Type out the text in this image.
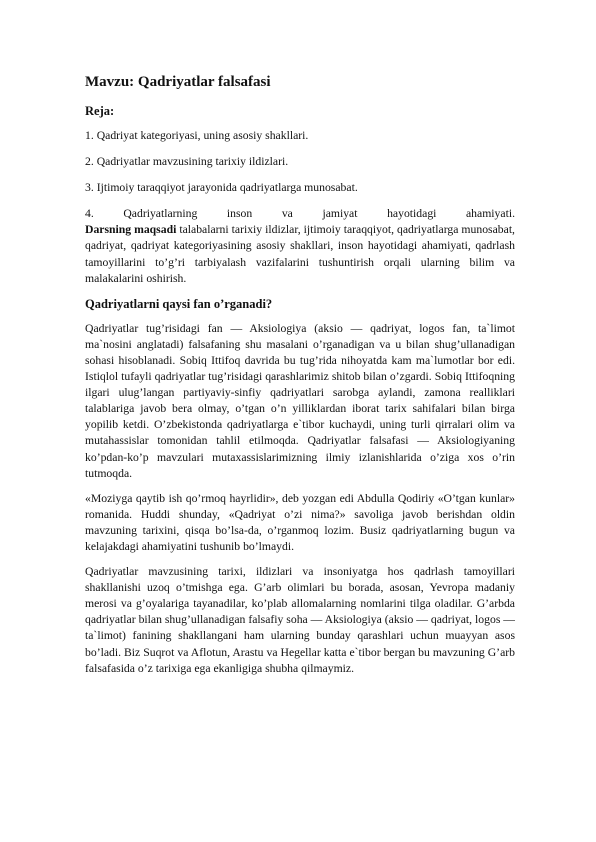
Mavzu: Qadriyatlar falsafasi
Reja:
1. Qadriyat kategoriyasi, uning asosiy shakllari.
2. Qadriyatlar mavzusining tarixiy ildizlari.
3. Ijtimoiy taraqqiyot jarayonida qadriyatlarga munosabat.
4. Qadriyatlarning inson va jamiyat hayotidagi ahamiyati.
Darsning maqsadi talabalarni tarixiy ildizlar, ijtimoiy taraqqiyot, qadriyatlarga munosabat, qadriyat, qadriyat kategoriyasining asosiy shakllari, inson hayotidagi ahamiyati, qadrlash tamoyillarini to’g’ri tarbiyalash vazifalarini tushuntirish orqali ularning bilim va malakalarini oshirish.
Qadriyatlarni qaysi fan o’rganadi?
Qadriyatlar tug’risidagi fan — Aksiologiya (aksio — qadriyat, logos fan, ta`limot ma`nosini anglatadi) falsafaning shu masalani o’rganadigan va u bilan shug’ullanadigan sohasi hisoblanadi. Sobiq Ittifoq davrida bu tug’rida nihoyatda kam ma`lumotlar bor edi. Istiqlol tufayli qadriyatlar tug’risidagi qarashlarimiz shitob bilan o’zgardi. Sobiq Ittifoqning ilgari ulug’langan partiyaviy-sinfiy qadriyatlari sarobga aylandi, zamona realliklari talablariga javob bera olmay, o’tgan o’n yilliklardan iborat tarix sahifalari bilan birga yopilib ketdi. O’zbekistonda qadriyatlarga e`tibor kuchaydi, uning turli qirralari olim va mutahassislar tomonidan tahlil etilmoqda. Qadriyatlar falsafasi — Aksiologiyaning ko’pdan-ko’p mavzulari mutaxassislarimizning ilmiy izlanishlarida o’ziga xos o’rin tutmoqda.
«Moziyga qaytib ish qo’rmoq hayrlidir», deb yozgan edi Abdulla Qodiriy «O’tgan kunlar» romanida. Huddi shunday, «Qadriyat o’zi nima?» savoliga javob berishdan oldin mavzuning tarixini, qisqa bo’lsa-da, o’rganmoq lozim. Busiz qadriyatlarning bugun va kelajakdagi ahamiyatini tushunib bo’lmaydi.
Qadriyatlar mavzusining tarixi, ildizlari va insoniyatga hos qadrlash tamoyillari shakllanishi uzoq o’tmishga ega. G’arb olimlari bu borada, asosan, Yevropa madaniy merosi va g’oyalariga tayanadilar, ko’plab allomalarning nomlarini tilga oladilar. G’arbda qadriyatlar bilan shug’ullanadigan falsafiy soha — Aksiologiya (aksio — qadriyat, logos — ta`limot) fanining shakllangani ham ularning bunday qarashlari uchun muayyan asos bo’ladi. Biz Suqrot va Aflotun, Arastu va Hegellar katta e`tibor bergan bu mavzuning G’arb falsafasida o’z tarixiga ega ekanligiga shubha qilmaymiz.
